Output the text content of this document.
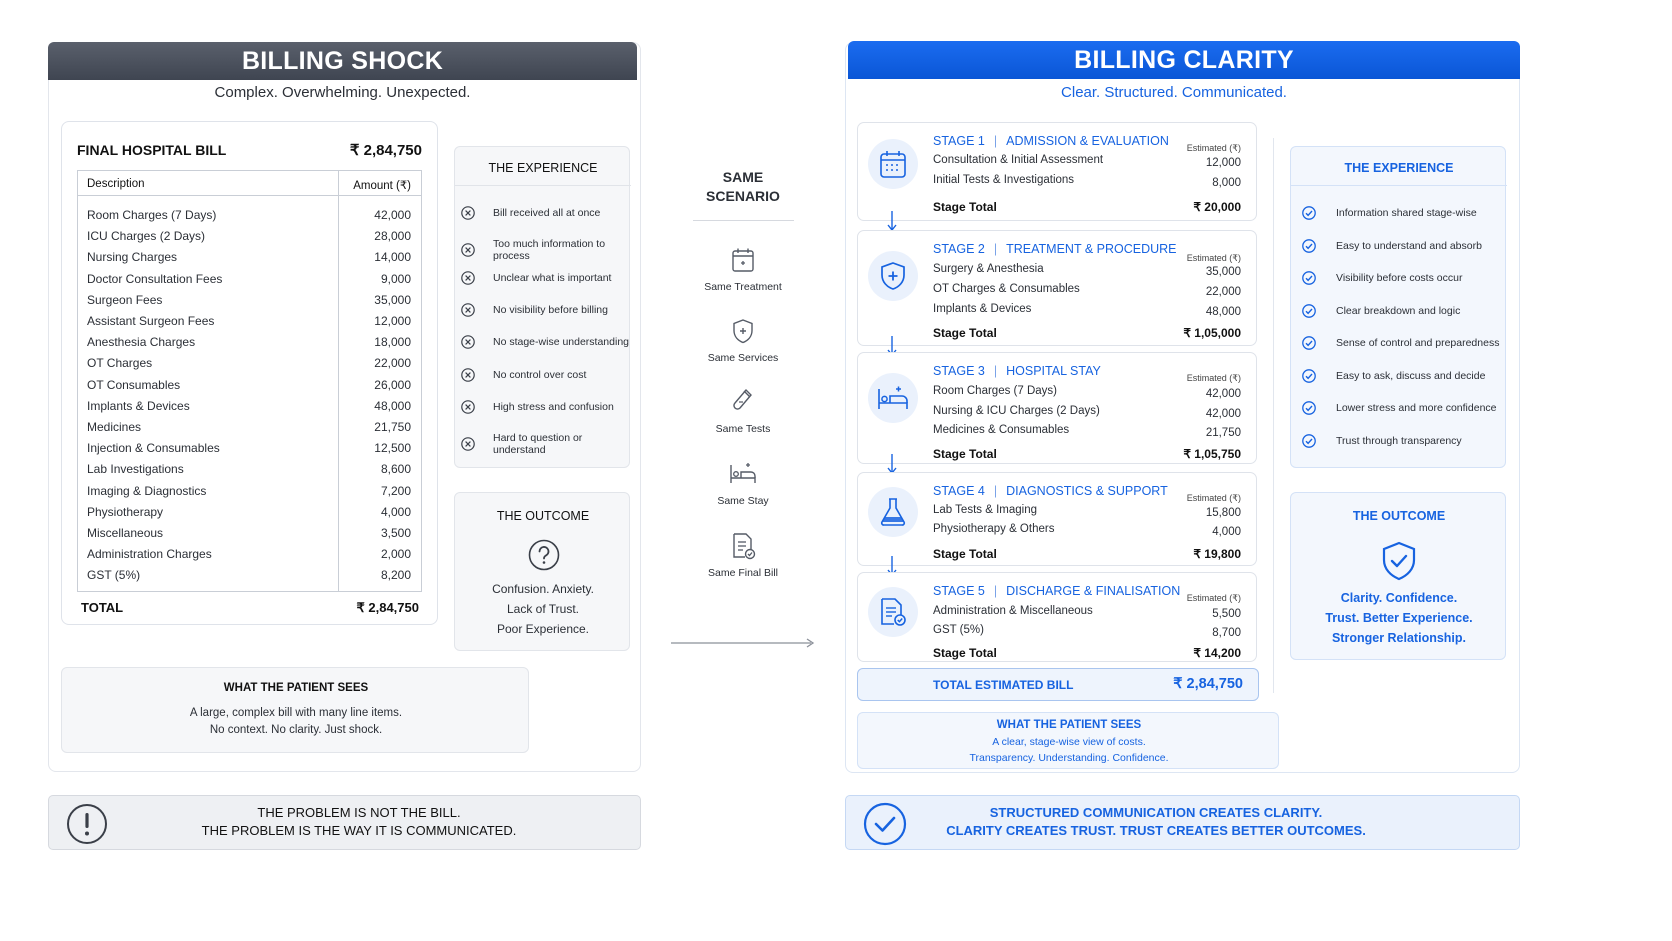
BILLING SHOCK
Complex. Overwhelming. Unexpected.
FINAL HOSPITAL BILL	₹ 2,84,750
Description	Amount (₹)
Room Charges (7 Days)	42,000
ICU Charges (2 Days)	28,000
Nursing Charges	14,000
Doctor Consultation Fees	9,000
Surgeon Fees	35,000
Assistant Surgeon Fees	12,000
Anesthesia Charges	18,000
OT Charges	22,000
OT Consumables	26,000
Implants & Devices	48,000
Medicines	21,750
Injection & Consumables	12,500
Lab Investigations	8,600
Imaging & Diagnostics	7,200
Physiotherapy	4,000
Miscellaneous	3,500
Administration Charges	2,000
GST (5%)	8,200
TOTAL	₹ 2,84,750
THE EXPERIENCE
Bill received all at once
Too much information to process
Unclear what is important
No visibility before billing
No stage-wise understanding
No control over cost
High stress and confusion
Hard to question or understand
THE OUTCOME
Confusion. Anxiety.
Lack of Trust.
Poor Experience.
WHAT THE PATIENT SEES
A large, complex bill with many line items.
No context. No clarity. Just shock.
THE PROBLEM IS NOT THE BILL.
THE PROBLEM IS THE WAY IT IS COMMUNICATED.
SAME
SCENARIO
Same Treatment
Same Services
Same Tests
Same Stay
Same Final Bill
BILLING CLARITY
Clear. Structured. Communicated.
STAGE 1 | ADMISSION & EVALUATION Estimated (₹)
Consultation & Initial Assessment	12,000
Initial Tests & Investigations	8,000
Stage Total	₹ 20,000
STAGE 2 | TREATMENT & PROCEDURE
Estimated (₹)
Surgery & Anesthesia	35,000
OT Charges & Consumables	22,000
Implants & Devices	48,000
Stage Total	₹ 1,05,000
STAGE 3 | HOSPITAL STAY	Estimated (₹)
Room Charges (7 Days)	42,000
Nursing & ICU Charges (2 Days)	42,000
Medicines & Consumables	21,750
Stage Total	₹ 1,05,750
STAGE 4 | DIAGNOSTICS & SUPPORT Estimated (₹)
Lab Tests & Imaging	15,800
Physiotherapy & Others	4,000
Stage Total	₹ 19,800
STAGE 5 | DISCHARGE & FINALISATION Estimated (₹)
Administration & Miscellaneous	5,500
GST (5%)	8,700
Stage Total	₹ 14,200
TOTAL ESTIMATED BILL	₹ 2,84,750
THE EXPERIENCE
Information shared stage-wise
Easy to understand and absorb
Visibility before costs occur
Clear breakdown and logic
Sense of control and preparedness
Easy to ask, discuss and decide
Lower stress and more confidence
Trust through transparency
THE OUTCOME
Clarity. Confidence.
Trust. Better Experience.
Stronger Relationship.
WHAT THE PATIENT SEES
A clear, stage-wise view of costs.
Transparency. Understanding. Confidence.
STRUCTURED COMMUNICATION CREATES CLARITY.
CLARITY CREATES TRUST. TRUST CREATES BETTER OUTCOMES.
